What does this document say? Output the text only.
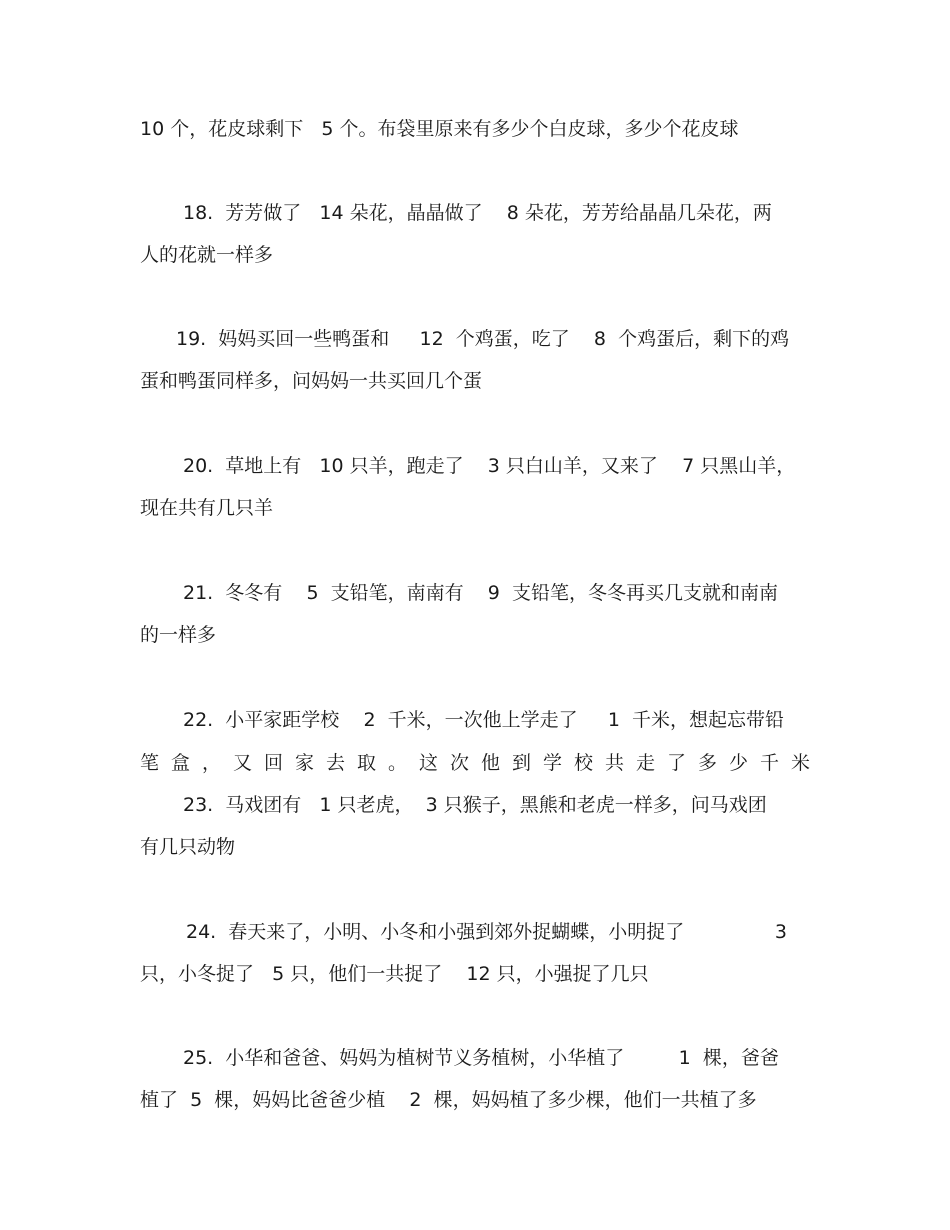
10 个，花皮球剩下   5 个。布袋里原来有多少个白皮球，多少个花皮球
18.  芳芳做了   14 朵花，晶晶做了    8 朵花，芳芳给晶晶几朵花，两
人的花就一样多
19.  妈妈买回一些鸭蛋和     12  个鸡蛋，吃了    8  个鸡蛋后，剩下的鸡
蛋和鸭蛋同样多，问妈妈一共买回几个蛋
20.  草地上有   10 只羊，跑走了    3 只白山羊，又来了    7 只黑山羊，
现在共有几只羊
21.  冬冬有    5  支铅笔，南南有    9  支铅笔，冬冬再买几支就和南南
的一样多
22.  小平家距学校    2  千米，一次他上学走了     1  千米，想起忘带铅
笔盒，又回家去取。这次他到学校共走了多少千米
23.  马戏团有   1 只老虎，  3 只猴子，黑熊和老虎一样多，问马戏团
有几只动物
24.  春天来了，小明、小冬和小强到郊外捉蝴蝶，小明捉了               3
只，小冬捉了   5 只，他们一共捉了    12 只，小强捉了几只
25.  小华和爸爸、妈妈为植树节义务植树，小华植了         1  棵，爸爸
植了  5  棵，妈妈比爸爸少植    2  棵，妈妈植了多少棵，他们一共植了多
